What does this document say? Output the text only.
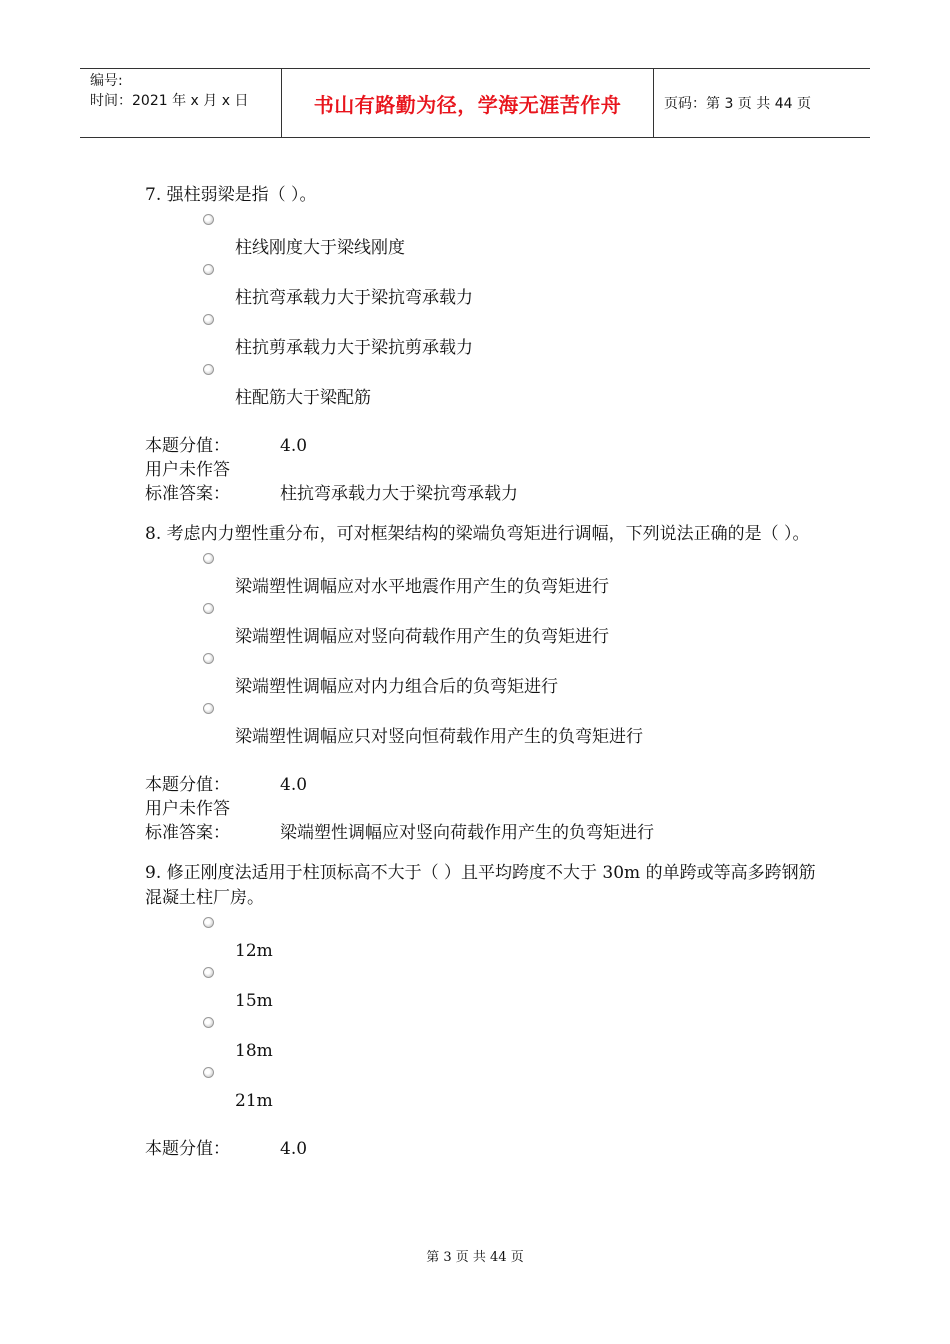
编号:
时间：2021 年 x 月 x 日	书山有路勤为径，学海无涯苦作舟	页码：第 3 页 共 44 页

7. 强柱弱梁是指（ ）。

柱线刚度大于梁线刚度
柱抗弯承载力大于梁抗弯承载力
柱抗剪承载力大于梁抗剪承载力
柱配筋大于梁配筋
本题分值：	4.0
用户未作答
标准答案：	柱抗弯承载力大于梁抗弯承载力

8. 考虑内力塑性重分布，可对框架结构的梁端负弯矩进行调幅，下列说法正确的是（ ）。

梁端塑性调幅应对水平地震作用产生的负弯矩进行
梁端塑性调幅应对竖向荷载作用产生的负弯矩进行
梁端塑性调幅应对内力组合后的负弯矩进行
梁端塑性调幅应只对竖向恒荷载作用产生的负弯矩进行
本题分值：	4.0
用户未作答
标准答案：	梁端塑性调幅应对竖向荷载作用产生的负弯矩进行

9. 修正刚度法适用于柱顶标高不大于（ ）且平均跨度不大于 30m 的单跨或等高多跨钢筋混凝土柱厂房。

12m
15m
18m
21m
本题分值：	4.0
第 3 页 共 44 页
